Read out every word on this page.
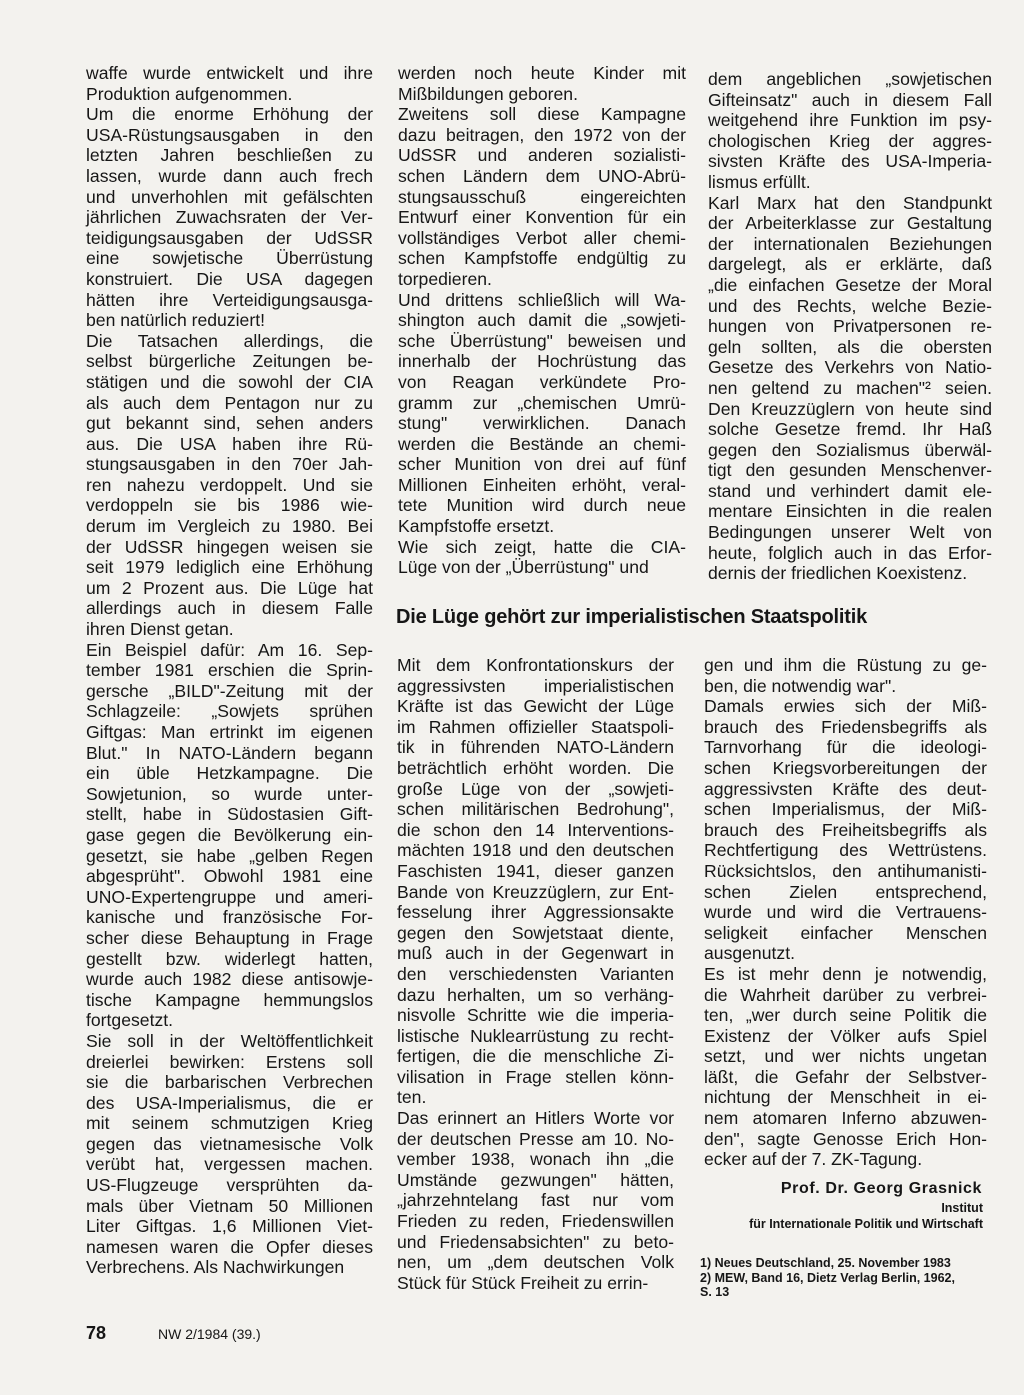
waffe wurde entwickelt und ihre
Produktion aufgenommen.

Um die enorme Erhöhung der
USA-Rüstungsausgaben in den
letzten Jahren beschließen zu
lassen, wurde dann auch frech
und unverhohlen mit gefälschten
jährlichen Zuwachsraten der Ver-
teidigungsausgaben der UdSSR
eine sowjetische Überrüstung
konstruiert. Die USA dagegen
hätten ihre Verteidigungsausga-
ben natürlich reduziert!

Die Tatsachen allerdings, die
selbst bürgerliche Zeitungen be-
stätigen und die sowohl der CIA
als auch dem Pentagon nur zu
gut bekannt sind, sehen anders
aus. Die USA haben ihre Rü-
stungsausgaben in den 70er Jah-
ren nahezu verdoppelt. Und sie
verdoppeln sie bis 1986 wie-
derum im Vergleich zu 1980. Bei
der UdSSR hingegen weisen sie
seit 1979 lediglich eine Erhöhung
um 2 Prozent aus. Die Lüge hat
allerdings auch in diesem Falle
ihren Dienst getan.

Ein Beispiel dafür: Am 16. Sep-
tember 1981 erschien die Sprin-
gersche „BILD"-Zeitung mit der
Schlagzeile: „Sowjets sprühen
Giftgas: Man ertrinkt im eigenen
Blut." In NATO-Ländern begann
ein üble Hetzkampagne. Die
Sowjetunion, so wurde unter-
stellt, habe in Südostasien Gift-
gase gegen die Bevölkerung ein-
gesetzt, sie habe „gelben Regen
abgesprüht". Obwohl 1981 eine
UNO-Expertengruppe und ameri-
kanische und französische For-
scher diese Behauptung in Frage
gestellt bzw. widerlegt hatten,
wurde auch 1982 diese antisowje-
tische Kampagne hemmungslos
fortgesetzt.

Sie soll in der Weltöffentlichkeit
dreierlei bewirken: Erstens soll
sie die barbarischen Verbrechen
des USA-Imperialismus, die er
mit seinem schmutzigen Krieg
gegen das vietnamesische Volk
verübt hat, vergessen machen.
US-Flugzeuge versprühten da-
mals über Vietnam 50 Millionen
Liter Giftgas. 1,6 Millionen Viet-
namesen waren die Opfer dieses
Verbrechens. Als Nachwirkungen

werden noch heute Kinder mit
Mißbildungen geboren.

Zweitens soll diese Kampagne
dazu beitragen, den 1972 von der
UdSSR und anderen sozialisti-
schen Ländern dem UNO-Abrü-
stungsausschuß eingereichten
Entwurf einer Konvention für ein
vollständiges Verbot aller chemi-
schen Kampfstoffe endgültig zu
torpedieren.

Und drittens schließlich will Wa-
shington auch damit die „sowjeti-
sche Überrüstung" beweisen und
innerhalb der Hochrüstung das
von Reagan verkündete Pro-
gramm zur „chemischen Umrü-
stung" verwirklichen. Danach
werden die Bestände an chemi-
scher Munition von drei auf fünf
Millionen Einheiten erhöht, veral-
tete Munition wird durch neue
Kampfstoffe ersetzt.

Wie sich zeigt, hatte die CIA-
Lüge von der „Überrüstung" und

dem angeblichen „sowjetischen
Gifteinsatz" auch in diesem Fall
weitgehend ihre Funktion im psy-
chologischen Krieg der aggres-
sivsten Kräfte des USA-Imperia-
lismus erfüllt.

Karl Marx hat den Standpunkt
der Arbeiterklasse zur Gestaltung
der internationalen Beziehungen
dargelegt, als er erklärte, daß
„die einfachen Gesetze der Moral
und des Rechts, welche Bezie-
hungen von Privatpersonen re-
geln sollten, als die obersten
Gesetze des Verkehrs von Natio-
nen geltend zu machen"² seien.
Den Kreuzzüglern von heute sind
solche Gesetze fremd. Ihr Haß
gegen den Sozialismus überwäl-
tigt den gesunden Menschenver-
stand und verhindert damit ele-
mentare Einsichten in die realen
Bedingungen unserer Welt von
heute, folglich auch in das Erfor-
dernis der friedlichen Koexistenz.

Die Lüge gehört zur imperialistischen Staatspolitik

Mit dem Konfrontationskurs der
aggressivsten imperialistischen
Kräfte ist das Gewicht der Lüge
im Rahmen offizieller Staatspoli-
tik in führenden NATO-Ländern
beträchtlich erhöht worden. Die
große Lüge von der „sowjeti-
schen militärischen Bedrohung",
die schon den 14 Interventions-
mächten 1918 und den deutschen
Faschisten 1941, dieser ganzen
Bande von Kreuzzüglern, zur Ent-
fesselung ihrer Aggressionsakte
gegen den Sowjetstaat diente,
muß auch in der Gegenwart in
den verschiedensten Varianten
dazu herhalten, um so verhäng-
nisvolle Schritte wie die imperia-
listische Nuklearrüstung zu recht-
fertigen, die die menschliche Zi-
vilisation in Frage stellen könn-
ten.

Das erinnert an Hitlers Worte vor
der deutschen Presse am 10. No-
vember 1938, wonach ihn „die
Umstände gezwungen" hätten,
„jahrzehntelang fast nur vom
Frieden zu reden, Friedenswillen
und Friedensabsichten" zu beto-
nen, um „dem deutschen Volk
Stück für Stück Freiheit zu errin-

gen und ihm die Rüstung zu ge-
ben, die notwendig war".

Damals erwies sich der Miß-
brauch des Friedensbegriffs als
Tarnvorhang für die ideologi-
schen Kriegsvorbereitungen der
aggressivsten Kräfte des deut-
schen Imperialismus, der Miß-
brauch des Freiheitsbegriffs als
Rechtfertigung des Wettrüstens.
Rücksichtslos, den antihumanisti-
schen Zielen entsprechend,
wurde und wird die Vertrauens-
seligkeit einfacher Menschen
ausgenutzt.

Es ist mehr denn je notwendig,
die Wahrheit darüber zu verbrei-
ten, „wer durch seine Politik die
Existenz der Völker aufs Spiel
setzt, und wer nichts ungetan
läßt, die Gefahr der Selbstver-
nichtung der Menschheit in ei-
nem atomaren Inferno abzuwen-
den", sagte Genosse Erich Hon-
ecker auf der 7. ZK-Tagung.

Prof. Dr. Georg Grasnick
Institut
für Internationale Politik und Wirtschaft
1) Neues Deutschland, 25. November 1983
2) MEW, Band 16, Dietz Verlag Berlin, 1962,
S. 13
78	NW 2/1984 (39.)
